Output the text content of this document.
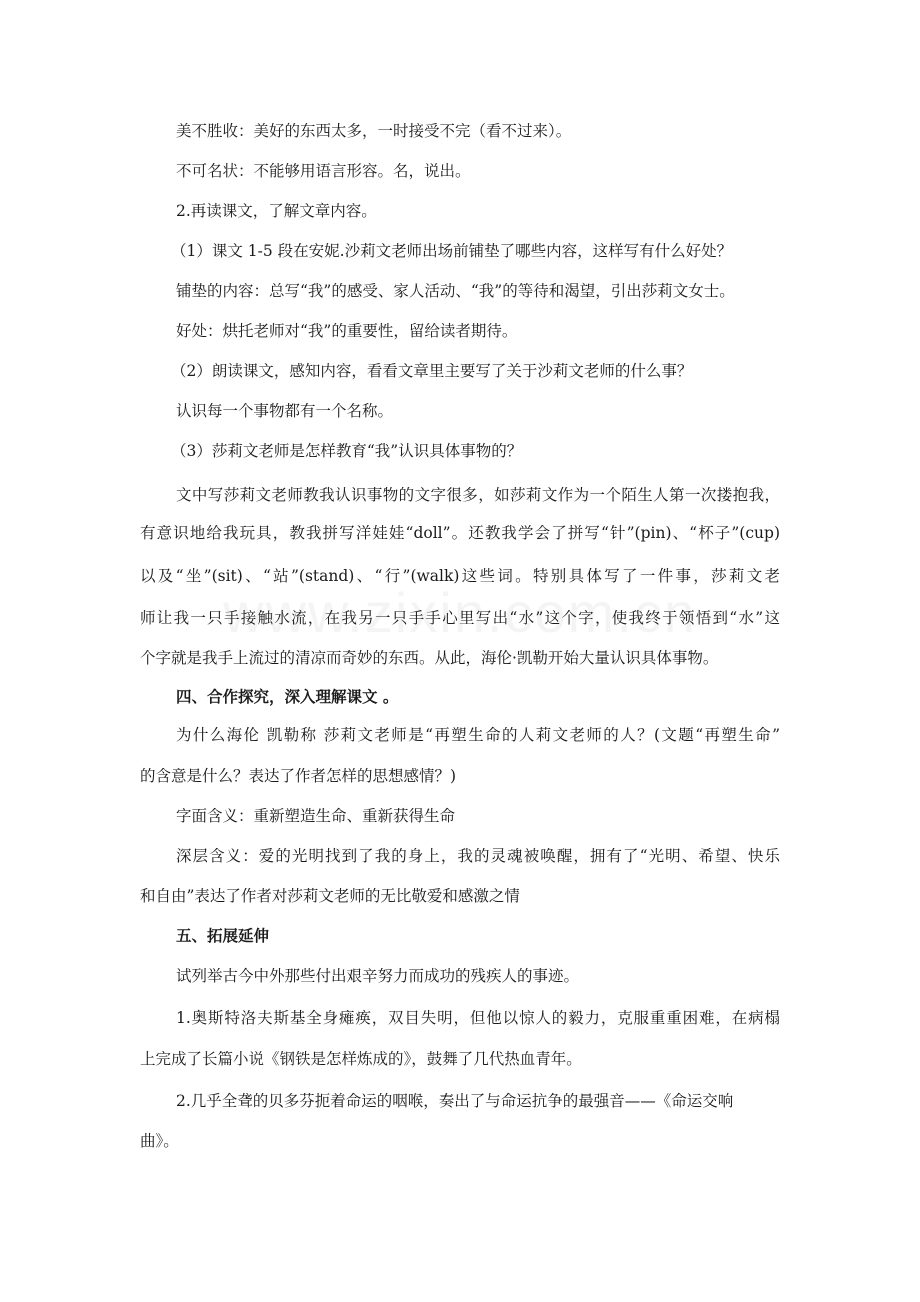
美不胜收：美好的东西太多，一时接受不完（看不过来）。
不可名状：不能够用语言形容。名，说出。
2.再读课文，了解文章内容。
（1）课文 1-5 段在安妮.沙莉文老师出场前铺垫了哪些内容，这样写有什么好处？
铺垫的内容：总写“我”的感受、家人活动、“我”的等待和渴望，引出莎莉文女士。
好处：烘托老师对“我”的重要性，留给读者期待。
（2）朗读课文，感知内容，看看文章里主要写了关于沙莉文老师的什么事？
认识每一个事物都有一个名称。
（3）莎莉文老师是怎样教育“我”认识具体事物的？
文中写莎莉文老师教我认识事物的文字很多，如莎莉文作为一个陌生人第一次搂抱我，
有意识地给我玩具，教我拼写洋娃娃“doll”。还教我学会了拼写“针”(pin)、“杯子”(cup)
以及“坐”(sit)、“站”(stand)、“行”(walk)这些词。特别具体写了一件事，莎莉文老
师让我一只手接触水流，在我另一只手手心里写出“水”这个字，使我终于领悟到“水”这
个字就是我手上流过的清凉而奇妙的东西。从此，海伦·凯勒开始大量认识具体事物。
四、合作探究，深入理解课文 。
为什么海伦 凯勒称 莎莉文老师是“再塑生命的人莉文老师的人？(文题“再塑生命”
的含意是什么？表达了作者怎样的思想感情？)
字面含义：重新塑造生命、重新获得生命
深层含义：爱的光明找到了我的身上，我的灵魂被唤醒，拥有了“光明、希望、快乐
和自由”表达了作者对莎莉文老师的无比敬爱和感激之情
五、拓展延伸
试列举古今中外那些付出艰辛努力而成功的残疾人的事迹。
1.奥斯特洛夫斯基全身瘫痪，双目失明，但他以惊人的毅力，克服重重困难，在病榻
上完成了长篇小说《钢铁是怎样炼成的》，鼓舞了几代热血青年。
2.几乎全聋的贝多芬扼着命运的咽喉，奏出了与命运抗争的最强音——《命运交响
曲》。
